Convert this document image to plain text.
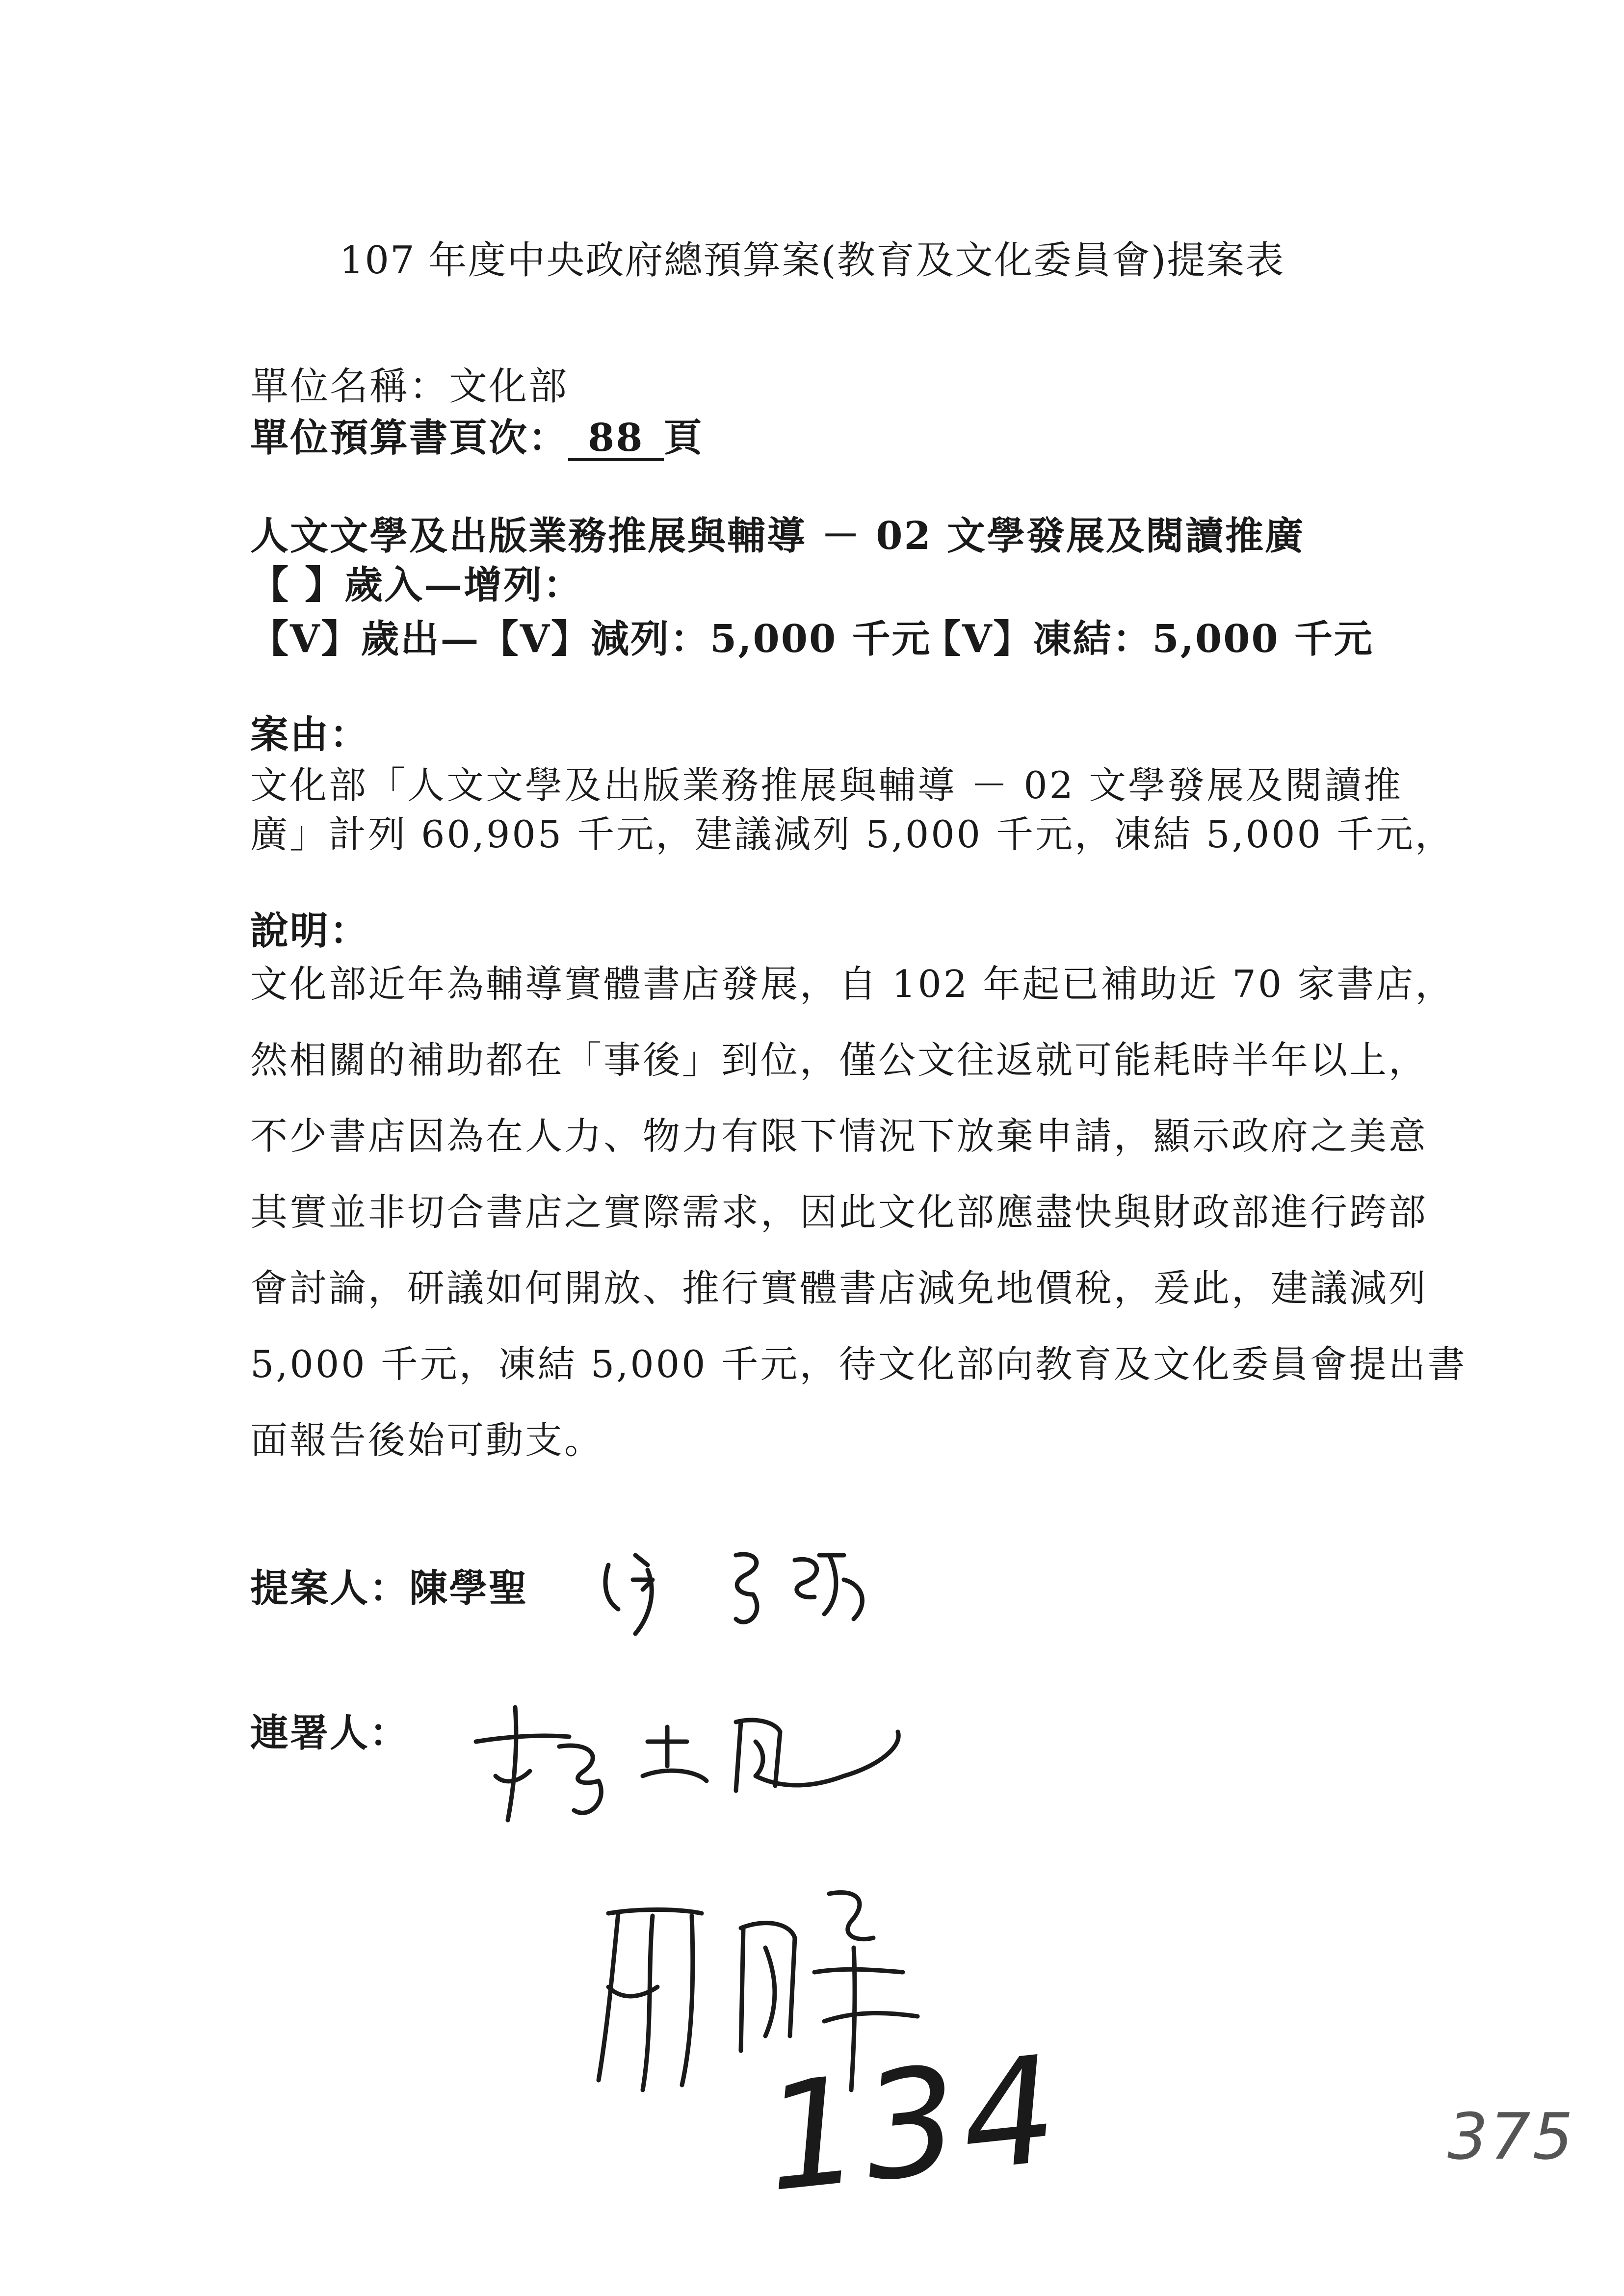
107 年度中央政府總預算案(教育及文化委員會)提案表
單位名稱：文化部
單位預算書頁次： 88 頁
人文文學及出版業務推展與輔導 － 02 文學發展及閱讀推廣
【 】歲入—增列：
【V】歲出—【V】減列：5,000 千元
【V】凍結：5,000 千元
案由：
文化部「人文文學及出版業務推展與輔導 － 02 文學發展及閱讀推
廣」計列 60,905 千元，建議減列 5,000 千元，凍結 5,000 千元，
說明：
文化部近年為輔導實體書店發展，自 102 年起已補助近 70 家書店，
然相關的補助都在「事後」到位，僅公文往返就可能耗時半年以上，
不少書店因為在人力、物力有限下情況下放棄申請，顯示政府之美意
其實並非切合書店之實際需求，因此文化部應盡快與財政部進行跨部
會討論，研議如何開放、推行實體書店減免地價稅，爰此，建議減列
5,000 千元，凍結 5,000 千元，待文化部向教育及文化委員會提出書
面報告後始可動支。
提案人：陳學聖
連署人：
134	375
